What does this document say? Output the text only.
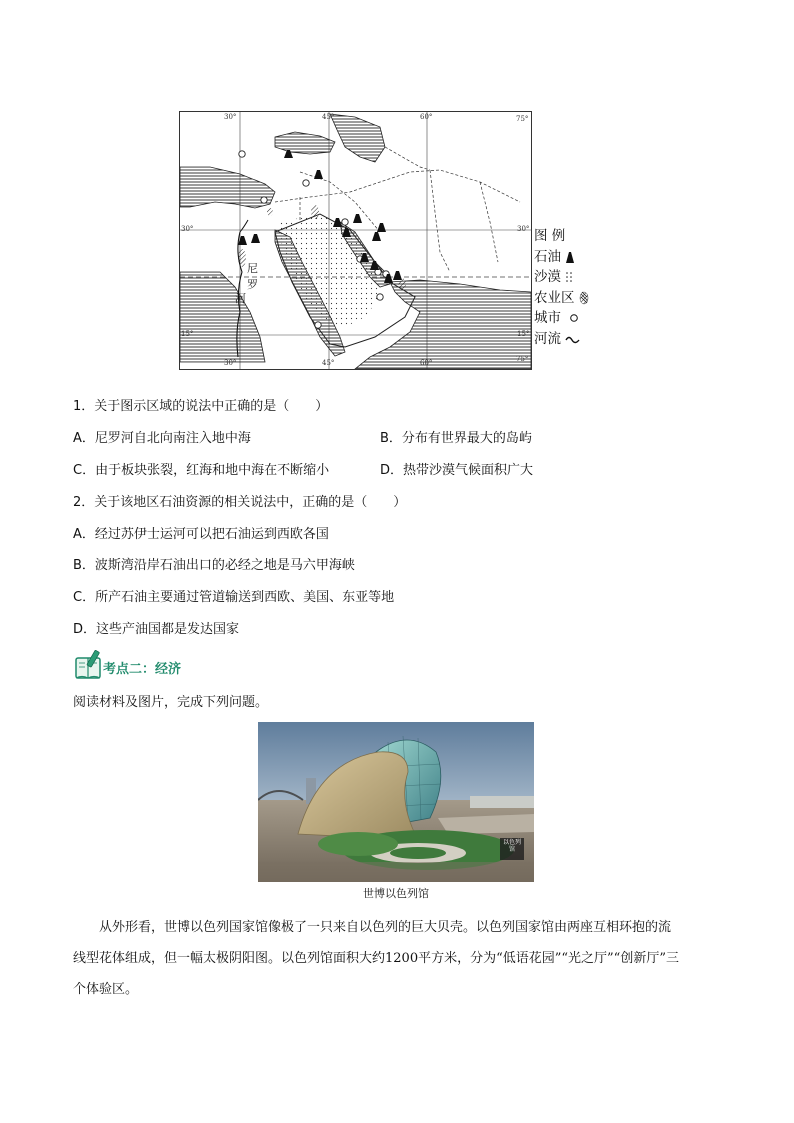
30°	45°	60°	75°
30°	45°	60°	75°
30°
15°
30°
15°
尼
罗
河
图 例
石油
沙漠
农业区
城市
河流
1．关于图示区域的说法中正确的是（　　）
A．尼罗河自北向南注入地中海	B．分布有世界最大的岛屿
C．由于板块张裂，红海和地中海在不断缩小	D．热带沙漠气候面积广大
2．关于该地区石油资源的相关说法中，正确的是（　　）
A．经过苏伊士运河可以把石油运到西欧各国
B．波斯湾沿岸石油出口的必经之地是马六甲海峡
C．所产石油主要通过管道输送到西欧、美国、东亚等地
D．这些产油国都是发达国家
考点二：经济
阅读材料及图片，完成下列问题。
以色列馆
世博以色列馆
从外形看，世博以色列国家馆像极了一只来自以色列的巨大贝壳。以色列国家馆由两座互相环抱的流
线型花体组成，但一幅太极阴阳图。以色列馆面积大约1200平方米，分为“低语花园”“光之厅”“创新厅”三
个体验区。
